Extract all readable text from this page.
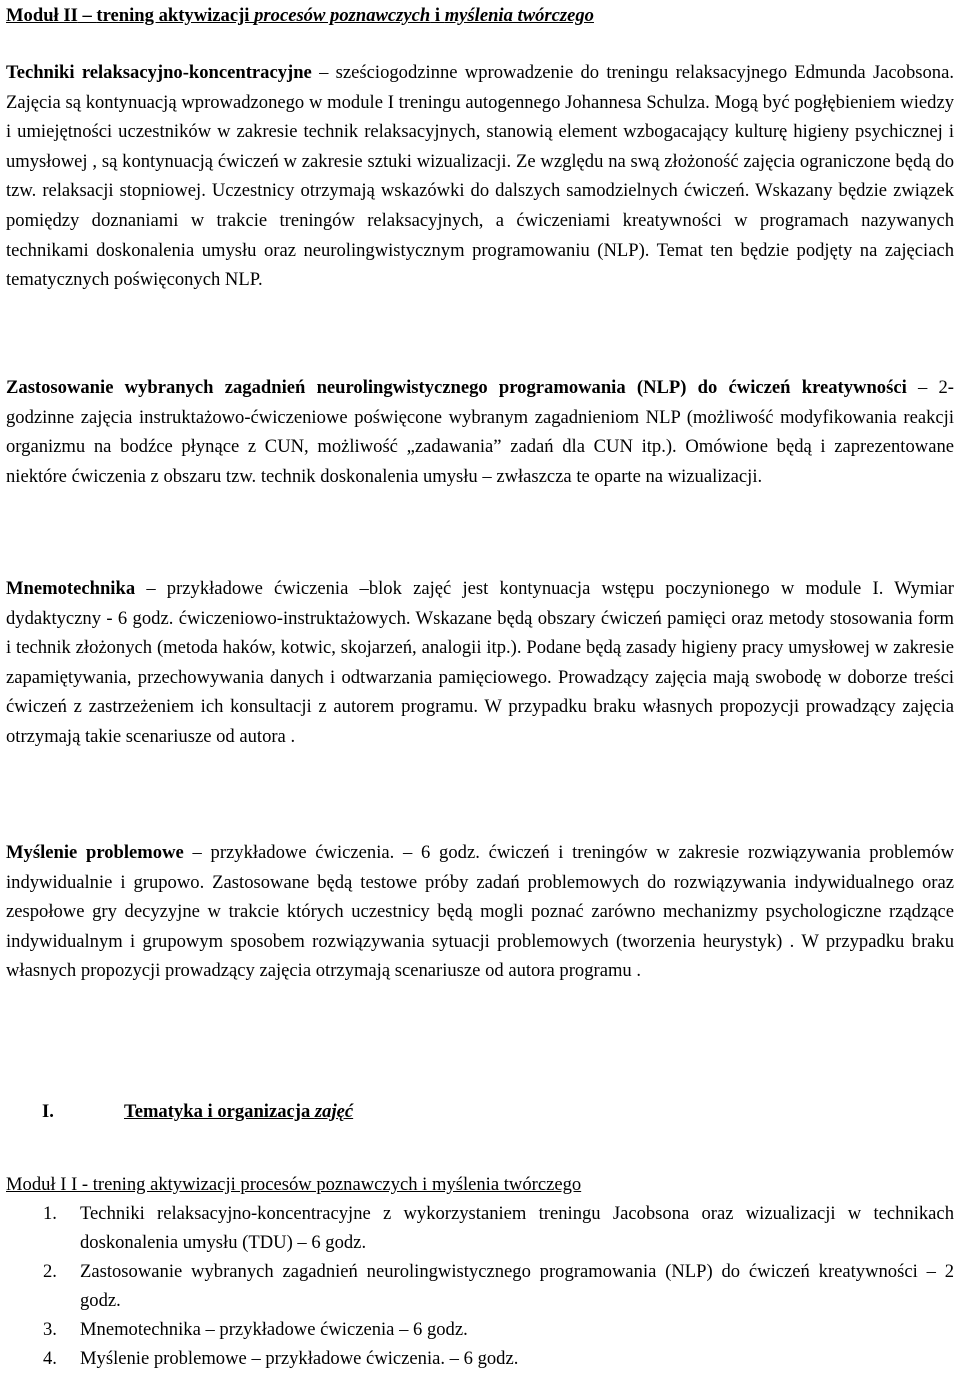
Moduł II – trening aktywizacji procesów poznawczych i myślenia twórczego

Techniki relaksacyjno-koncentracyjne – sześciogodzinne wprowadzenie do treningu relaksacyjnego Edmunda Jacobsona. Zajęcia są kontynuacją wprowadzonego w module I treningu autogennego Johannesa Schulza. Mogą być pogłębieniem wiedzy i umiejętności uczestników w zakresie technik relaksacyjnych, stanowią element wzbogacający kulturę higieny psychicznej i umysłowej , są kontynuacją ćwiczeń w zakresie sztuki wizualizacji. Ze względu na swą złożoność zajęcia ograniczone będą do tzw. relaksacji stopniowej. Uczestnicy otrzymają wskazówki do dalszych samodzielnych ćwiczeń. Wskazany będzie związek pomiędzy doznaniami w trakcie treningów relaksacyjnych, a ćwiczeniami kreatywności w programach nazywanych technikami doskonalenia umysłu oraz neurolingwistycznym programowaniu (NLP). Temat ten będzie podjęty na zajęciach tematycznych poświęconych NLP.

Zastosowanie wybranych zagadnień neurolingwistycznego programowania (NLP) do ćwiczeń kreatywności – 2- godzinne zajęcia instruktażowo-ćwiczeniowe poświęcone wybranym zagadnieniom NLP (możliwość modyfikowania reakcji organizmu na bodźce płynące z CUN, możliwość „zadawania” zadań dla CUN itp.). Omówione będą i zaprezentowane niektóre ćwiczenia z obszaru tzw. technik doskonalenia umysłu – zwłaszcza te oparte na wizualizacji.

Mnemotechnika – przykładowe ćwiczenia –blok zajęć jest kontynuacja wstępu poczynionego w module I. Wymiar dydaktyczny - 6 godz. ćwiczeniowo-instruktażowych. Wskazane będą obszary ćwiczeń pamięci oraz metody stosowania form i technik złożonych (metoda haków, kotwic, skojarzeń, analogii itp.). Podane będą zasady higieny pracy umysłowej w zakresie zapamiętywania, przechowywania danych i odtwarzania pamięciowego. Prowadzący zajęcia mają swobodę w doborze treści ćwiczeń z zastrzeżeniem ich konsultacji z autorem programu. W przypadku braku własnych propozycji prowadzący zajęcia otrzymają takie scenariusze od autora .

Myślenie problemowe – przykładowe ćwiczenia. – 6 godz. ćwiczeń i treningów w zakresie rozwiązywania problemów indywidualnie i grupowo. Zastosowane będą testowe próby zadań problemowych do rozwiązywania indywidualnego oraz zespołowe gry decyzyjne w trakcie których uczestnicy będą mogli poznać zarówno mechanizmy psychologiczne rządzące indywidualnym i grupowym sposobem rozwiązywania sytuacji problemowych (tworzenia heurystyk) . W przypadku braku własnych propozycji prowadzący zajęcia otrzymają scenariusze od autora programu .

I.	Tematyka i organizacja zajęć
Moduł I I - trening aktywizacji procesów poznawczych i myślenia twórczego
1. Techniki relaksacyjno-koncentracyjne z wykorzystaniem treningu Jacobsona oraz wizualizacji w technikach doskonalenia umysłu (TDU) – 6 godz.
2. Zastosowanie wybranych zagadnień neurolingwistycznego programowania (NLP) do ćwiczeń kreatywności – 2 godz.
3. Mnemotechnika – przykładowe ćwiczenia – 6 godz.
4. Myślenie problemowe – przykładowe ćwiczenia. – 6 godz.
